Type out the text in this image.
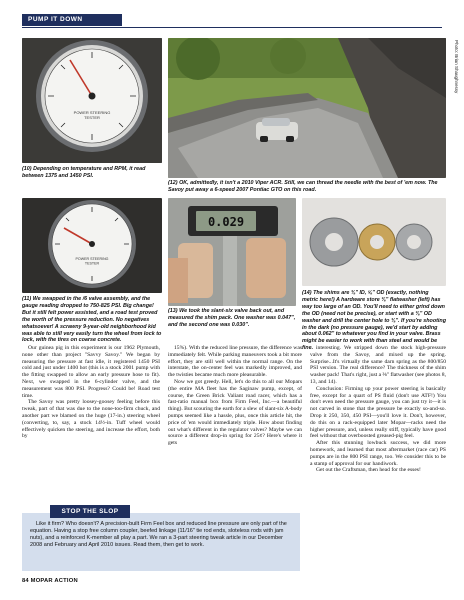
PUMP IT DOWN
POWER STEERING
TESTER
(10) Depending on temperature and RPM, it read between 1375 and 1450 PSI.
Photo: Brian Shaughnessy
(12) OK, admittedly, it isn't a 2010 Viper ACR. Still, we can thread the needle with the best of 'em now. The Savoy put away a 6-speed 2007 Pontiac GTO on this road.
POWER STEERING
TESTER
(11) We swapped in the /6 valve assembly, and the gauge reading dropped to 750-825 PSI. Big change! But it still felt power assisted, and a road test proved the worth of the pressure reduction. No negatives whatsoever! A scrawny 9-year-old neighborhood kid was able to still very easily turn the wheel from lock to lock, with the tires on coarse concrete.
0.029
(13) We took the slant-six valve back out, and measured the shim pack. One washer was 0.047", and the second one was 0.030".
(14) The shims are ⅜" ID, ⅝" OD (exactly, nothing metric here!) A hardware store ⅜" flatwasher (left) has way too large of an OD. You'll need to either grind down the OD (need not be precise), or start with a ⅜" OD washer and drill the center hole to ⅜". If you're shooting in the dark (no pressure gauge), we'd start by adding about 0.062" to whatever you find in your valve. Brass might be easier to work with than steel and would be fine.

Our guinea pig in this experiment is our 1962 Plymouth, none other than project "Savvy Savoy." We began by measuring the pressure at fast idle, it registered 1450 PSI cold and just under 1400 hot (this is a stock 2001 pump with the fitting swapped to allow an early pressure hose to fit). Next, we swapped in the 6-cylinder valve, and the measurement was 800 PSI. Progress? Could be! Road test time.

The Savoy was pretty loosey-goosey feeling before this tweak, part of that was due to the none-too-firm chuck, and another part we blamed on the huge (17-in.) steering wheel (converting, to, say, a stock 14½-in. Tuff wheel would effectively quicken the steering, and increase the effort, both by

15%). With the reduced line pressure, the difference was immediately felt. While parking maneuvers took a bit more effort, they are still well within the normal range. On the interstate, the on-center feel was markedly improved, and the twisties became much more pleasurable.

Now we got greedy. Hell, let's do this to all our Mopars (the entire MA fleet has the Saginaw pump, except, of course, the Green Brick Valiant road racer, which has a fast-ratio manual box from Firm Feel, Inc.—a beautiful thing). But scouring the earth for a slew of slant-six A-body pumps seemed like a hassle, plus, once this article hit, the price of 'em would immediately triple. How about finding out what's different in the regulator valves? Maybe we can source a different drop-in spring for 25¢? Here's where it gets

interesting. We stripped down the stock high-pressure valve from the Savoy, and mixed up the spring. Surprise...It's virtually the same darn spring as the 800/850 PSI version. The real difference? The thickness of the shim washer pack! That's right, just a ⅜" flatwasher (see photos 8, 13, and 14).

Conclusion: Firming up your power steering is basically free, except for a quart of PS fluid (don't use ATF!) You don't even need the pressure gauge, you can just try it—it is not carved in stone that the pressure be exactly so-and-so. Drop it 250, 350, 450 PSI—you'll love it. Don't, however, do this on a rack-equipped later Mopar—racks need the higher pressure, and, unless really stiff, typically have good feel without that overboosted greased-pig feel.

After this stunning lowbuck success, we did more homework, and learned that most aftermarket (race car) PS pumps are in the 800 PSI range, too. We consider this to be a stamp of approval for our handiwork.

Get out the Craftsman, then head for the esses!

STOP THE SLOP
Like it firm? Who doesn't? A precision-built Firm Feel box and reduced line pressure are only part of the equation. Having a stop free column coupler, beefed linkage (11/16" tie rod ends, sloteless rods with jam nuts), and a reinforced K-member all play a part. We ran a 3-part steering tweak article in our December 2008 and February and April 2010 issues. Read them, then get to work.
84 MOPAR ACTION
